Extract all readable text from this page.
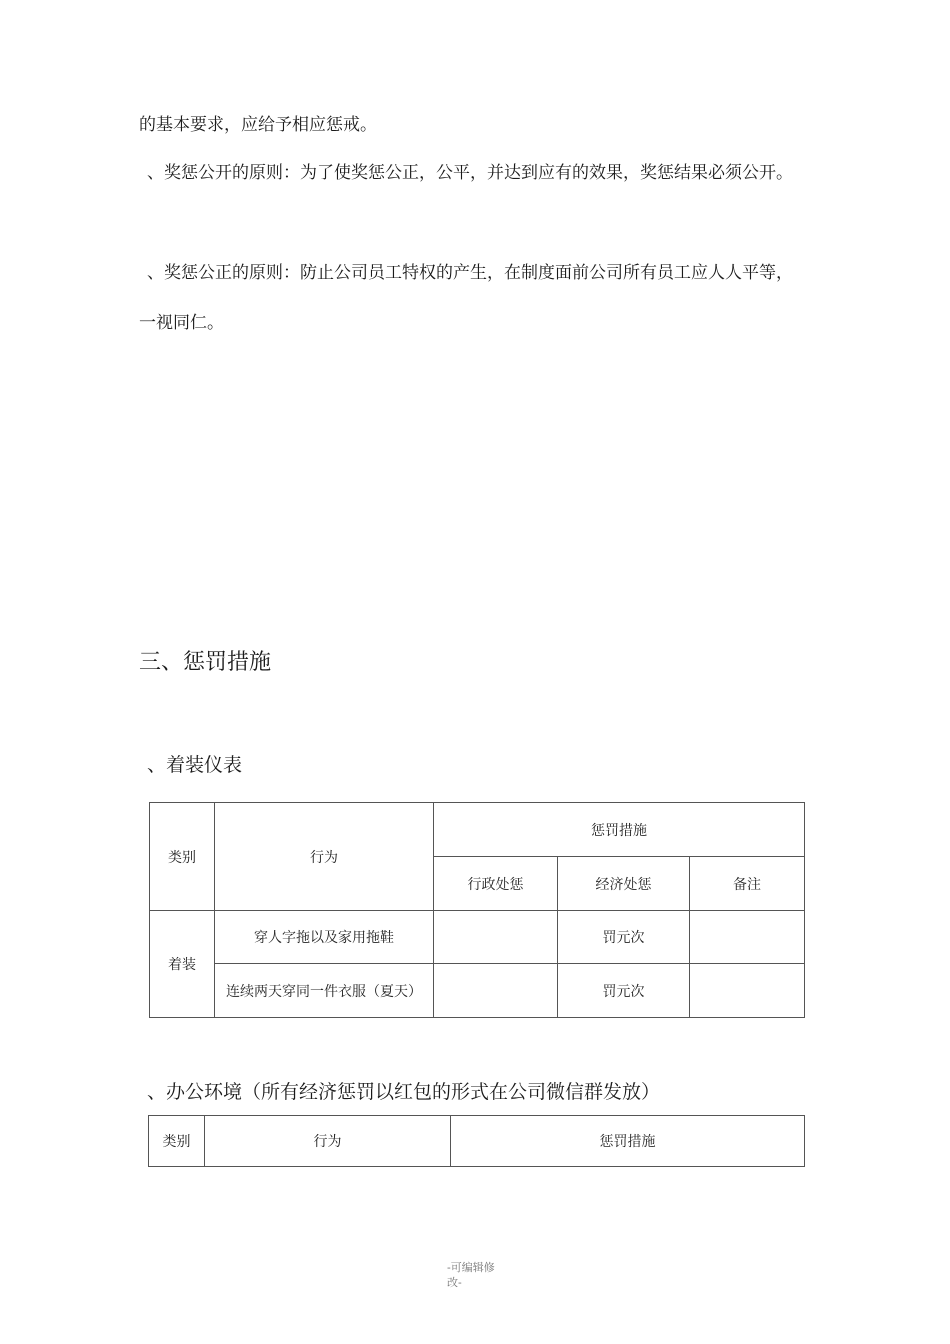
的基本要求，应给予相应惩戒。

、奖惩公开的原则：为了使奖惩公正，公平，并达到应有的效果，奖惩结果必须公开。

、奖惩公正的原则：防止公司员工特权的产生，在制度面前公司所有员工应人人平等，

一视同仁。

三、惩罚措施
、着装仪表
类别	行为	惩罚措施		
		行政处惩	经济处惩	备注
着装	穿人字拖以及家用拖鞋		罚元次	
	连续两天穿同一件衣服（夏天）		罚元次	
、办公环境（所有经济惩罚以红包的形式在公司微信群发放）
类别	行为	惩罚措施
-可编辑修改-
